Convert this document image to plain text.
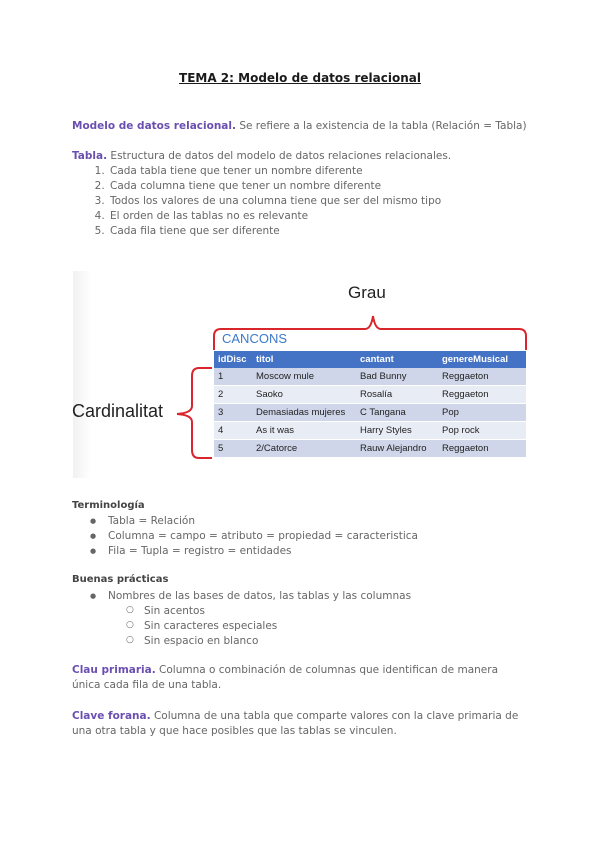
TEMA 2: Modelo de datos relacional
Modelo de datos relacional. Se refiere a la existencia de la tabla (Relación = Tabla)
Tabla. Estructura de datos del modelo de datos relaciones relacionales.
1. Cada tabla tiene que tener un nombre diferente
2. Cada columna tiene que tener un nombre diferente
3. Todos los valores de una columna tiene que ser del mismo tipo
4. El orden de las tablas no es relevante
5. Cada fila tiene que ser diferente
Grau
Cardinalitat
CANCONS
idDisc	titol	cantant	genereMusical
1	Moscow mule	Bad Bunny	Reggaeton
2	Saoko	Rosalía	Reggaeton
3	Demasiadas mujeres	C Tangana	Pop
4	As it was	Harry Styles	Pop rock
5	2/Catorce	Rauw Alejandro	Reggaeton
Terminología
● Tabla = Relación
● Columna = campo = atributo = propiedad = caracteristica
● Fila = Tupla = registro = entidades
Buenas prácticas
● Nombres de las bases de datos, las tablas y las columnas
○ Sin acentos
○ Sin caracteres especiales
○ Sin espacio en blanco
Clau primaria. Columna o combinación de columnas que identifican de manera única cada fila de una tabla.
Clave forana. Columna de una tabla que comparte valores con la clave primaria de una otra tabla y que hace posibles que las tablas se vinculen.
